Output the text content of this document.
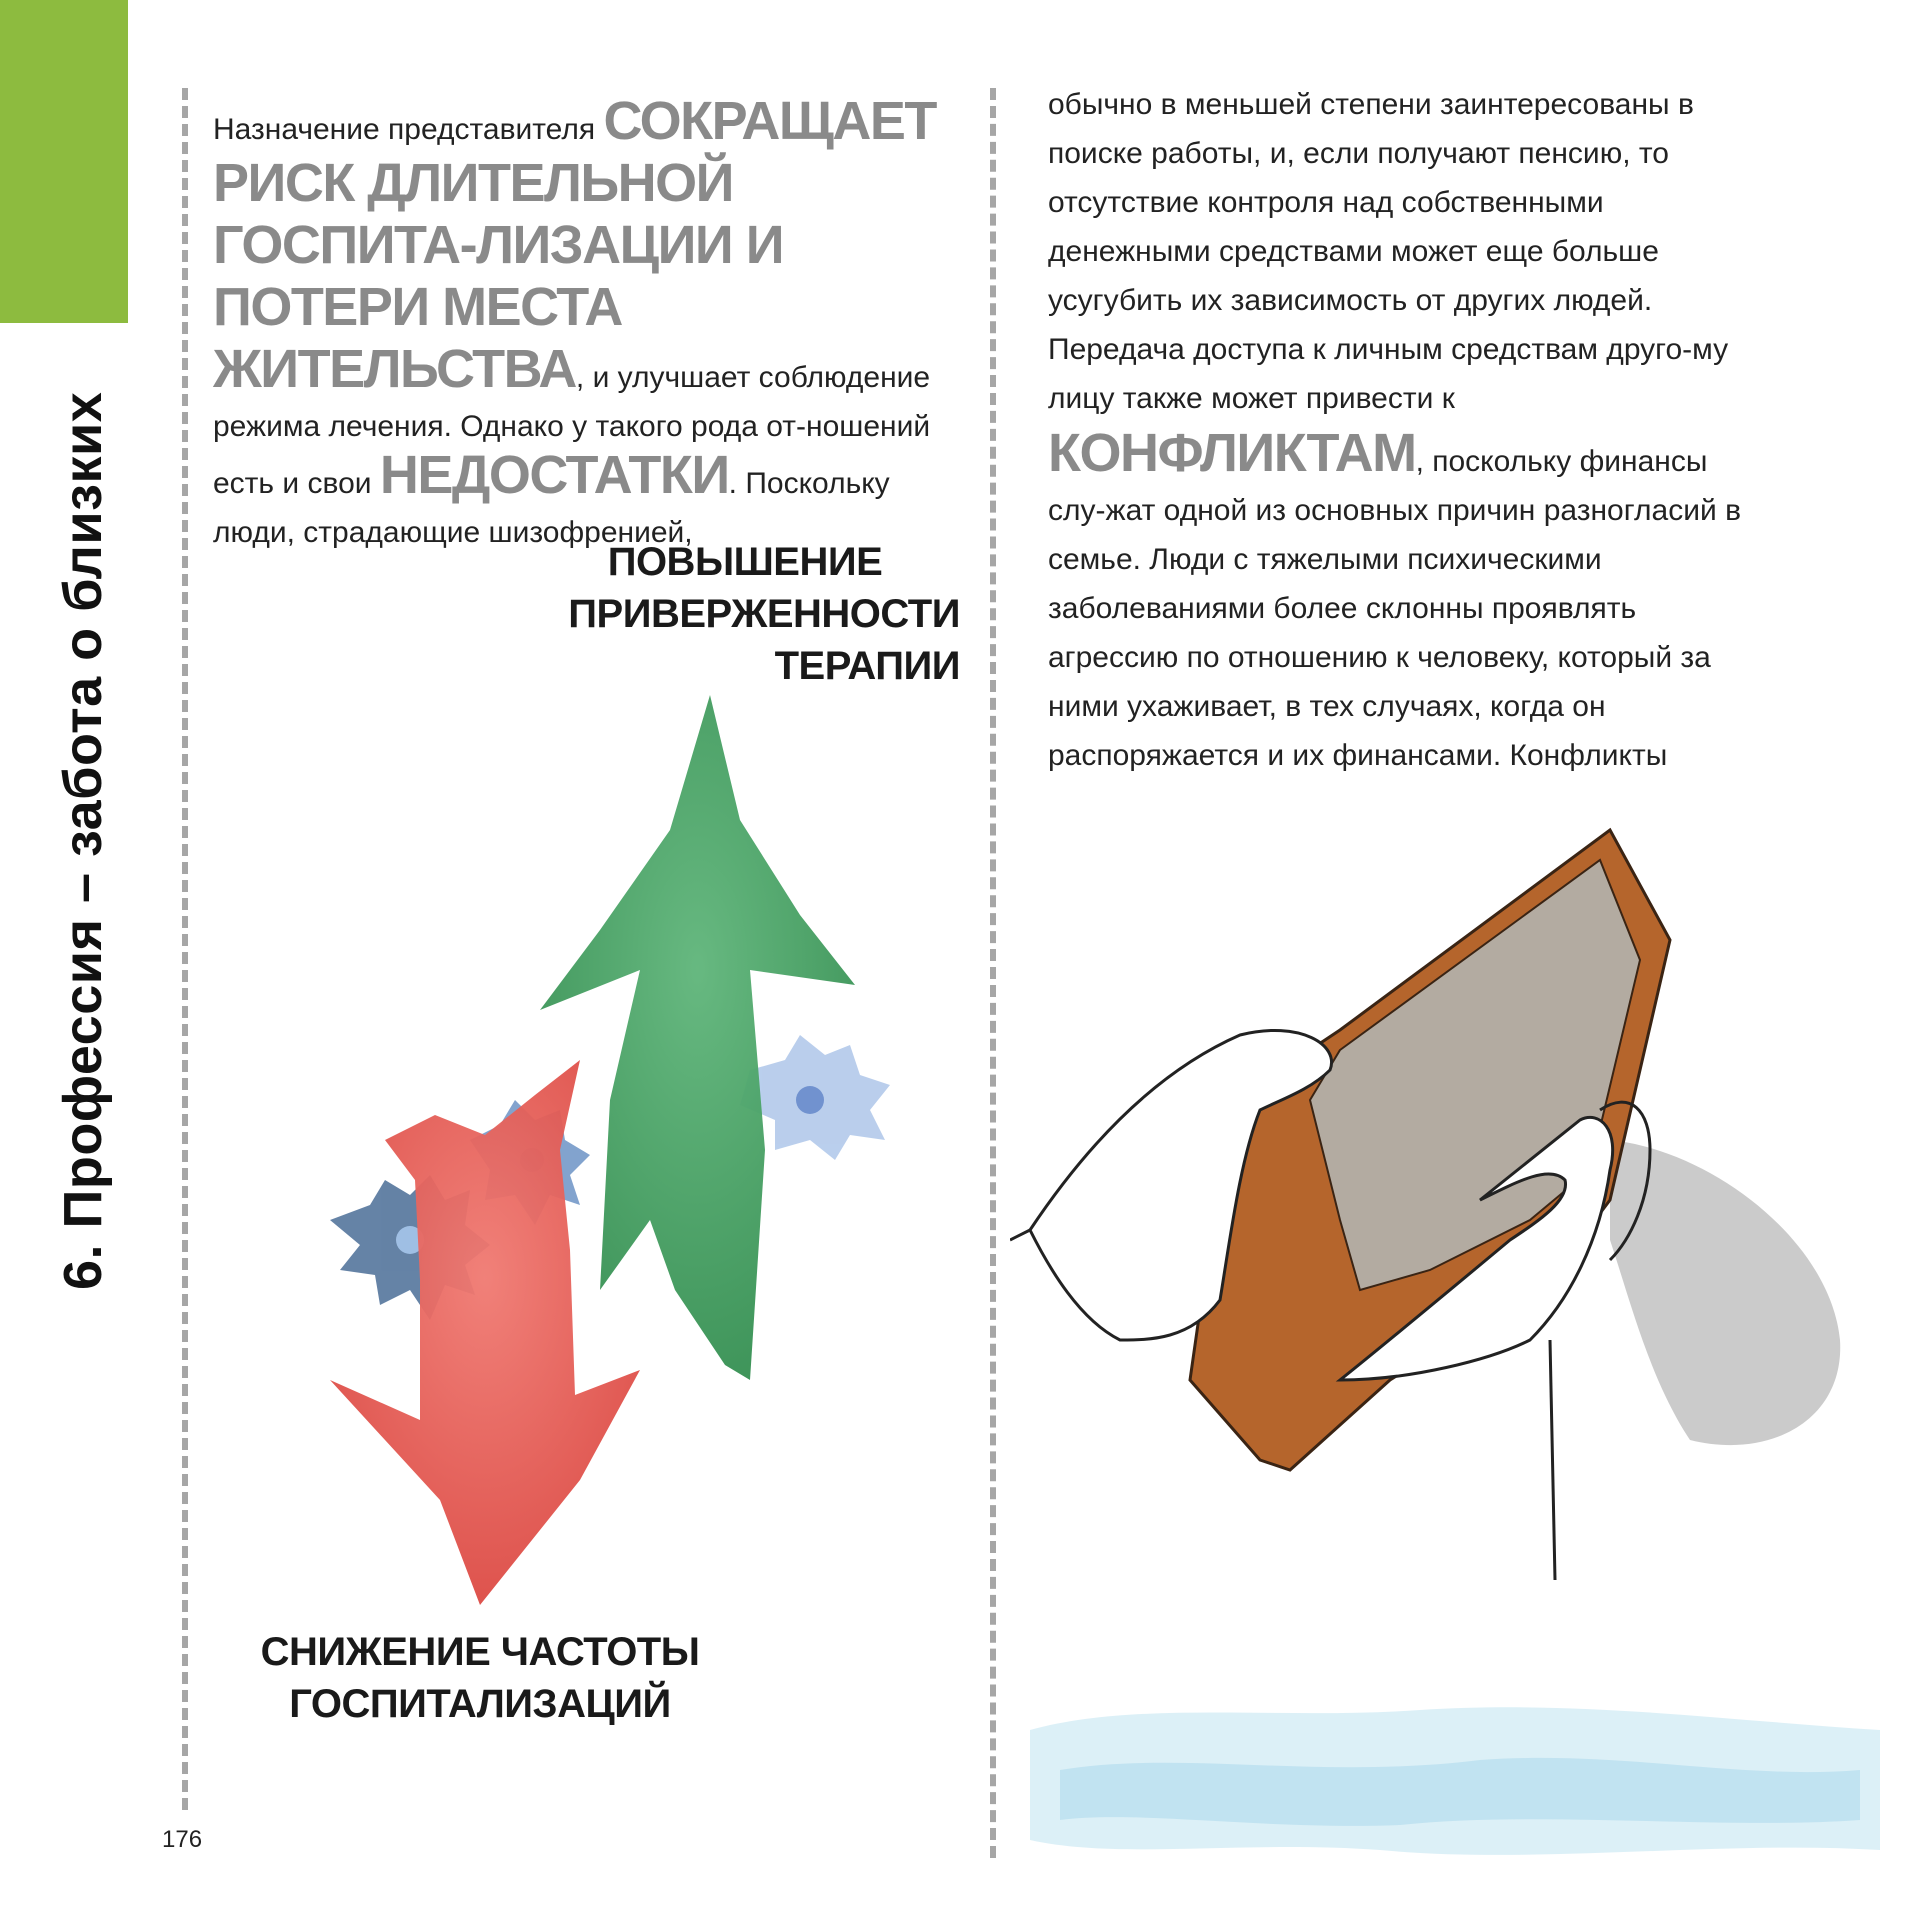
6. Профессия – забота о близких
176
Назначение представителя СОКРАЩАЕТ РИСК ДЛИТЕЛЬНОЙ ГОСПИТА-ЛИЗАЦИИ И ПОТЕРИ МЕСТА ЖИТЕЛЬСТВА, и улучшает соблюдение режима лечения. Однако у такого рода от-ношений есть и свои НЕДОСТАТКИ. Поскольку люди, страдающие шизофренией,
обычно в меньшей степени заинтересованы в поиске работы, и, если получают пенсию, то отсутствие контроля над собственными денежными средствами может еще больше усугубить их зависимость от других людей. Передача доступа к личным средствам друго-му лицу также может привести к
КОНФЛИКТАМ, поскольку финансы слу-жат одной из основных причин разногласий в семье. Люди с тяжелыми психическими заболеваниями более склонны проявлять агрессию по отношению к человеку, который за ними ухаживает, в тех случаях, когда он распоряжается и их финансами. Конфликты
ПОВЫШЕНИЕ
ПРИВЕРЖЕННОСТИ ТЕРАПИИ
СНИЖЕНИЕ ЧАСТОТЫ
ГОСПИТАЛИЗАЦИЙ
